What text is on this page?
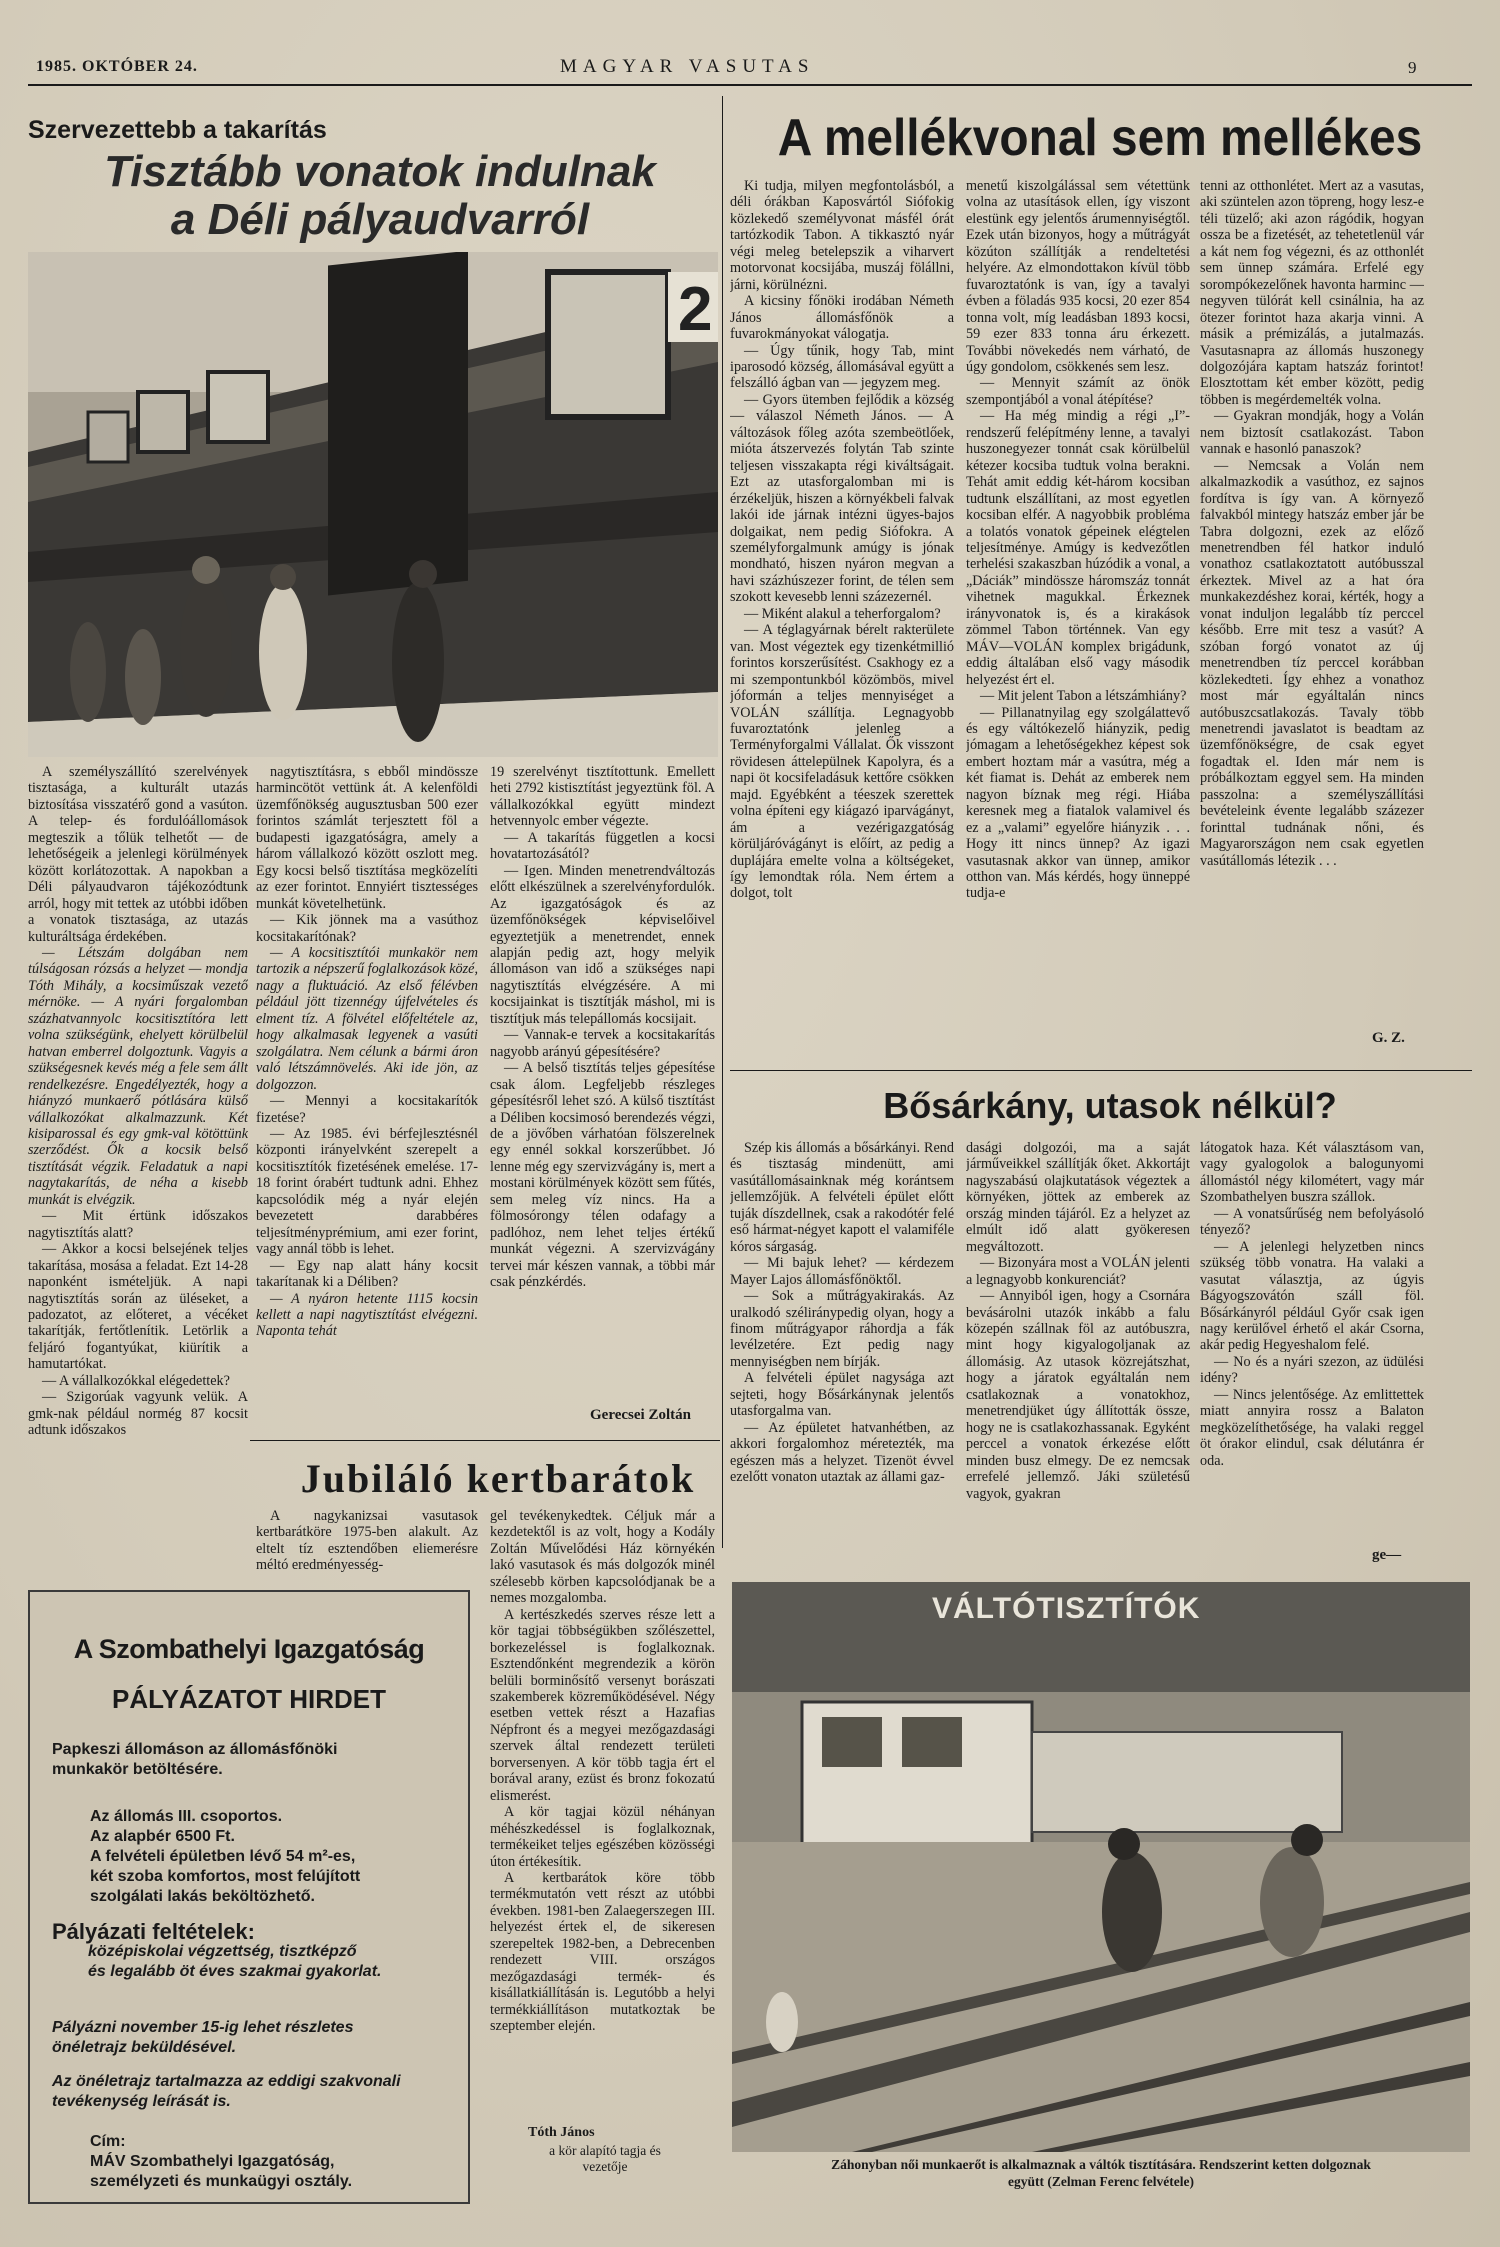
1985. OKTÓBER 24.	MAGYAR VASUTAS	9
Szervezettebb a takarítás
Tisztább vonatok indulnak
a Déli pályaudvarról
2

A személyszállító szerelvények tisztasága, a kulturált utazás biztosítása visszatérő gond a vasúton. A telep- és fordulóállomások megteszik a tőlük telhetőt — de lehetőségeik a jelenlegi körülmények között korlátozottak. A napokban a Déli pályaudvaron tájékozódtunk arról, hogy mit tettek az utóbbi időben a vonatok tisztasága, az utazás kulturáltsága érdekében.

— Létszám dolgában nem túlságosan rózsás a helyzet — mondja Tóth Mihály, a kocsiműszak vezető mérnöke. — A nyári forgalomban százhatvannyolc kocsitisztítóra lett volna szükségünk, ehelyett körülbelül hatvan emberrel dolgoztunk. Vagyis a szükségesnek kevés még a fele sem állt rendelkezésre. Engedélyezték, hogy a hiányzó munkaerő pótlására külső vállalkozókat alkalmazzunk. Két kisiparossal és egy gmk-val kötöttünk szerződést. Ők a kocsik belső tisztítását végzik. Feladatuk a napi nagytakarítás, de néha a kisebb munkát is elvégzik.

— Mit értünk időszakos nagytisztítás alatt?

— Akkor a kocsi belsejének teljes takarítása, mosása a feladat. Ezt 14-28 naponként ismételjük. A napi nagytisztítás során az üléseket, a padozatot, az előteret, a vécéket takarítják, fertőtlenítik. Letörlik a feljáró fogantyúkat, kiürítik a hamutartókat.

— A vállalkozókkal elégedettek?

— Szigorúak vagyunk velük. A gmk-nak például normég 87 kocsit adtunk időszakos

nagytisztításra, s ebből mindössze harmincötöt vettünk át. A kelenföldi üzemfőnökség augusztusban 500 ezer forintos számlát terjesztett föl a budapesti igazgatóságra, amely a három vállalkozó között oszlott meg. Egy kocsi belső tisztítása megközelíti az ezer forintot. Ennyiért tisztességes munkát követelhetünk.

— Kik jönnek ma a vasúthoz kocsitakarítónak?

— A kocsitisztítói munkakör nem tartozik a népszerű foglalkozások közé, nagy a fluktuáció. Az első félévben például jött tizennégy újfelvételes és elment tíz. A fölvétel előfeltétele az, hogy alkalmasak legyenek a vasúti szolgálatra. Nem célunk a bármi áron való létszámnövelés. Aki ide jön, az dolgozzon.

— Mennyi a kocsitakarítók fizetése?

— Az 1985. évi bérfejlesztésnél központi irányelvként szerepelt a kocsitisztítók fizetésének emelése. 17-18 forint órabért tudtunk adni. Ehhez kapcsolódik még a nyár elején bevezetett darabbéres teljesítményprémium, ami ezer forint, vagy annál több is lehet.

— Egy nap alatt hány kocsit takarítanak ki a Déliben?

— A nyáron hetente 1115 kocsin kellett a napi nagytisztítást elvégezni. Naponta tehát

19 szerelvényt tisztítottunk. Emellett heti 2792 kistisztítást jegyeztünk föl. A vállalkozókkal együtt mindezt hetvennyolc ember végezte.

— A takarítás független a kocsi hovatartozásától?

— Igen. Minden menetrendváltozás előtt elkészülnek a szerelvényfordulók. Az igazgatóságok és az üzemfőnökségek képviselőivel egyeztetjük a menetrendet, ennek alapján pedig azt, hogy melyik állomáson van idő a szükséges napi nagytisztítás elvégzésére. A mi kocsijainkat is tisztítják máshol, mi is tisztítjuk más telepállomás kocsijait.

— Vannak-e tervek a kocsitakarítás nagyobb arányú gépesítésére?

— A belső tisztítás teljes gépesítése csak álom. Legfeljebb részleges gépesítésről lehet szó. A külső tisztítást a Déliben kocsimosó berendezés végzi, de a jövőben várhatóan fölszerelnek egy ennél sokkal korszerűbbet. Jó lenne még egy szervizvágány is, mert a mostani körülmények között sem fűtés, sem meleg víz nincs. Ha a fölmosórongy télen odafagy a padlóhoz, nem lehet teljes értékű munkát végezni. A szervizvágány tervei már készen vannak, a többi már csak pénzkérdés.

Gerecsei Zoltán
Jubiláló kertbarátok

A nagykanizsai vasutasok kertbarátköre 1975-ben alakult. Az eltelt tíz esztendőben eliemerésre méltó eredményesség-

gel tevékenykedtek. Céljuk már a kezdetektől is az volt, hogy a Kodály Zoltán Művelődési Ház környékén lakó vasutasok és más dolgozók minél szélesebb körben kapcsolódjanak be a nemes mozgalomba.

A kertészkedés szerves része lett a kör tagjai többségükben szőlészettel, borkezeléssel is foglalkoznak. Esztendőnként megrendezik a körön belüli borminősítő versenyt borászati szakemberek közreműködésével. Négy esetben vettek részt a Hazafias Népfront és a megyei mezőgazdasági szervek által rendezett területi borversenyen. A kör több tagja ért el borával arany, ezüst és bronz fokozatú elismerést.

A kör tagjai közül néhányan méhészkedéssel is foglalkoznak, termékeiket teljes egészében közösségi úton értékesítik.

A kertbarátok köre több termékmutatón vett részt az utóbbi években. 1981-ben Zalaegerszegen III. helyezést értek el, de sikeresen szerepeltek 1982-ben, a Debrecenben rendezett VIII. országos mezőgazdasági termék- és kisállatkiállításán is. Legutóbb a helyi termékkiállításon mutatkoztak be szeptember elején.

Tóth János
a kör alapító tagja és
vezetője
A Szombathelyi Igazgatóság
PÁLYÁZATOT HIRDET
Papkeszi állomáson az állomásfőnöki
munkakör betöltésére.
Az állomás III. csoportos.
Az alapbér 6500 Ft.
A felvételi épületben lévő 54 m²-es,
két szoba komfortos, most felújított
szolgálati lakás beköltözhető.
Pályázati feltételek:
középiskolai végzettség, tisztképző
és legalább öt éves szakmai gyakorlat.
Pályázni november 15-ig lehet részletes
önéletrajz beküldésével.
Az önéletrajz tartalmazza az eddigi szakvonali
tevékenység leírását is.
Cím:
MÁV Szombathelyi Igazgatóság,
személyzeti és munkaügyi osztály.
A mellékvonal sem mellékes

Ki tudja, milyen megfontolásból, a déli órákban Kaposvártól Siófokig közlekedő személyvonat másfél órát tartózkodik Tabon. A tikkasztó nyár végi meleg betelepszik a viharvert motorvonat kocsijába, muszáj fölállni, járni, körülnézni.

A kicsiny főnöki irodában Németh János állomásfőnök a fuvarokmányokat válogatja.

— Úgy tűnik, hogy Tab, mint iparosodó község, állomásával együtt a felszálló ágban van — jegyzem meg.

— Gyors ütemben fejlődik a község — válaszol Németh János. — A változások főleg azóta szembeötlőek, mióta átszervezés folytán Tab szinte teljesen visszakapta régi kiváltságait. Ezt az utasforgalomban mi is érzékeljük, hiszen a környékbeli falvak lakói ide járnak intézni ügyes-bajos dolgaikat, nem pedig Siófokra. A személyforgalmunk amúgy is jónak mondható, hiszen nyáron megvan a havi százhúszezer forint, de télen sem szokott kevesebb lenni százezernél.

— Miként alakul a teherforgalom?

— A téglagyárnak bérelt rakterülete van. Most végeztek egy tizenkétmillió forintos korszerűsítést. Csakhogy ez a mi szempontunkból közömbös, mivel jóformán a teljes mennyiséget a VOLÁN szállítja. Legnagyobb fuvaroztatónk jelenleg a Terményforgalmi Vállalat. Ők visszont rövidesen áttelepülnek Kapolyra, és a napi öt kocsifeladásuk kettőre csökken majd. Egyébként a téeszek szerettek volna építeni egy kiágazó iparvágányt, ám a vezérigazgatóság körüljáróvágányt is előírt, az pedig a duplájára emelte volna a költségeket, így lemondtak róla. Nem értem a dolgot, tolt

menetű kiszolgálással sem vétettünk volna az utasítások ellen, így viszont elestünk egy jelentős árumennyiségtől. Ezek után bizonyos, hogy a műtrágyát közúton szállítják a rendeltetési helyére. Az elmondottakon kívül több fuvaroztatónk is van, így a tavalyi évben a föladás 935 kocsi, 20 ezer 854 tonna volt, míg leadásban 1893 kocsi, 59 ezer 833 tonna áru érkezett. További növekedés nem várható, de úgy gondolom, csökkenés sem lesz.

— Mennyit számít az önök szempontjából a vonal átépítése?

— Ha még mindig a régi „I”-rendszerű felépítmény lenne, a tavalyi huszonegyezer tonnát csak körülbelül kétezer kocsiba tudtuk volna berakni. Tehát amit eddig két-három kocsiban tudtunk elszállítani, az most egyetlen kocsiban elfér. A nagyobbik probléma a tolatós vonatok gépeinek elégtelen teljesítménye. Amúgy is kedvezőtlen terhelési szakaszban húzódik a vonal, a „Dáciák” mindössze háromszáz tonnát vihetnek magukkal. Érkeznek irányvonatok is, és a kirakások zömmel Tabon történnek. Van egy MÁV—VOLÁN komplex brigádunk, eddig általában első vagy második helyezést ért el.

— Mit jelent Tabon a létszámhiány?

— Pillanatnyilag egy szolgálattevő és egy váltókezelő hiányzik, pedig jómagam a lehetőségekhez képest sok embert hoztam már a vasútra, még a két fiamat is. Dehát az emberek nem nagyon bíznak meg régi. Hiába keresnek meg a fiatalok valamivel és ez a „valami” egyelőre hiányzik . . . Hogy itt nincs ünnep? Az igazi vasutasnak akkor van ünnep, amikor otthon van. Más kérdés, hogy ünneppé tudja-e

tenni az otthonlétet. Mert az a vasutas, aki szüntelen azon töpreng, hogy lesz-e téli tüzelő; aki azon rágódik, hogyan ossza be a fizetését, az tehetetlenül vár a kát nem fog végezni, és az otthonlét sem ünnep számára. Erfelé egy sorompókezelőnek havonta harminc — negyven tülórát kell csinálnia, ha az ötezer forintot haza akarja vinni. A másik a prémizálás, a jutalmazás. Vasutasnapra az állomás huszonegy dolgozójára kaptam hatszáz forintot! Elosztottam két ember között, pedig többen is megérdemelték volna.

— Gyakran mondják, hogy a Volán nem biztosít csatlakozást. Tabon vannak e hasonló panaszok?

— Nemcsak a Volán nem alkalmazkodik a vasúthoz, ez sajnos fordítva is így van. A környező falvakból mintegy hatszáz ember jár be Tabra dolgozni, ezek az előző menetrendben fél hatkor induló vonathoz csatlakoztatott autóbusszal érkeztek. Mivel az a hat óra munkakezdéshez korai, kérték, hogy a vonat induljon legalább tíz perccel később. Erre mit tesz a vasút? A szóban forgó vonatot az új menetrendben tíz perccel korábban közlekedteti. Így ehhez a vonathoz most már egyáltalán nincs autóbuszcsatlakozás. Tavaly több menetrendi javaslatot is beadtam az üzemfőnökségre, de csak egyet fogadtak el. Iden már nem is próbálkoztam eggyel sem. Ha minden passzolna: a személyszállítási bevételeink évente legalább százezer forinttal tudnának nőni, és Magyarországon nem csak egyetlen vasútállomás létezik . . .

G. Z.
Bősárkány, utasok nélkül?

Szép kis állomás a bősárkányi. Rend és tisztaság mindenütt, ami vasútállomásainknak még korántsem jellemzőjük. A felvételi épület előtt tuják díszdellnek, csak a rakodótér felé eső hármat-négyet kapott el valamiféle kóros sárgaság.

— Mi bajuk lehet? — kérdezem Mayer Lajos állomásfőnöktől.

— Sok a műtrágyakirakás. Az uralkodó széliránypedig olyan, hogy a finom műtrágyapor ráhordja a fák levélzetére. Ezt pedig nagy mennyiségben nem bírják.

A felvételi épület nagysága azt sejteti, hogy Bősárkánynak jelentős utasforgalma van.

— Az épületet hatvanhétben, az akkori forgalomhoz méretezték, ma egészen más a helyzet. Tizenöt évvel ezelőtt vonaton utaztak az állami gaz-

dasági dolgozói, ma a saját járműveikkel szállítják őket. Akkortájt nagyszabású olajkutatások végeztek a környéken, jöttek az emberek az ország minden tájáról. Ez a helyzet az elmúlt idő alatt gyökeresen megváltozott.

— Bizonyára most a VOLÁN jelenti a legnagyobb konkurenciát?

— Annyiból igen, hogy a Csornára bevásárolni utazók inkább a falu közepén szállnak föl az autóbuszra, mint hogy kigyalogoljanak az állomásig. Az utasok közrejátszhat, hogy a járatok egyáltalán nem csatlakoznak a vonatokhoz, menetrendjüket úgy állították össze, hogy ne is csatlakozhassanak. Egyként perccel a vonatok érkezése előtt minden busz elmegy. De ez nemcsak errefelé jellemző. Jáki születésű vagyok, gyakran

látogatok haza. Két választásom van, vagy gyalogolok a balogunyomi állomástól négy kilométert, vagy már Szombathelyen buszra szállok.

— A vonatsűrűség nem befolyásoló tényező?

— A jelenlegi helyzetben nincs szükség több vonatra. Ha valaki a vasutat választja, az úgyis Bágyogszovátón száll föl. Bősárkányról például Győr csak igen nagy kerülővel érhető el akár Csorna, akár pedig Hegyeshalom felé.

— No és a nyári szezon, az üdülési idény?

— Nincs jelentősége. Az emlittettek miatt annyira rossz a Balaton megközelíthetősége, ha valaki reggel öt órakor elindul, csak délutánra ér oda.

ge—
VÁLTÓTISZTÍTÓK
Záhonyban női munkaerőt is alkalmaznak a váltók tisztítására. Rendszerint ketten dolgoznak
együtt (Zelman Ferenc felvétele)
